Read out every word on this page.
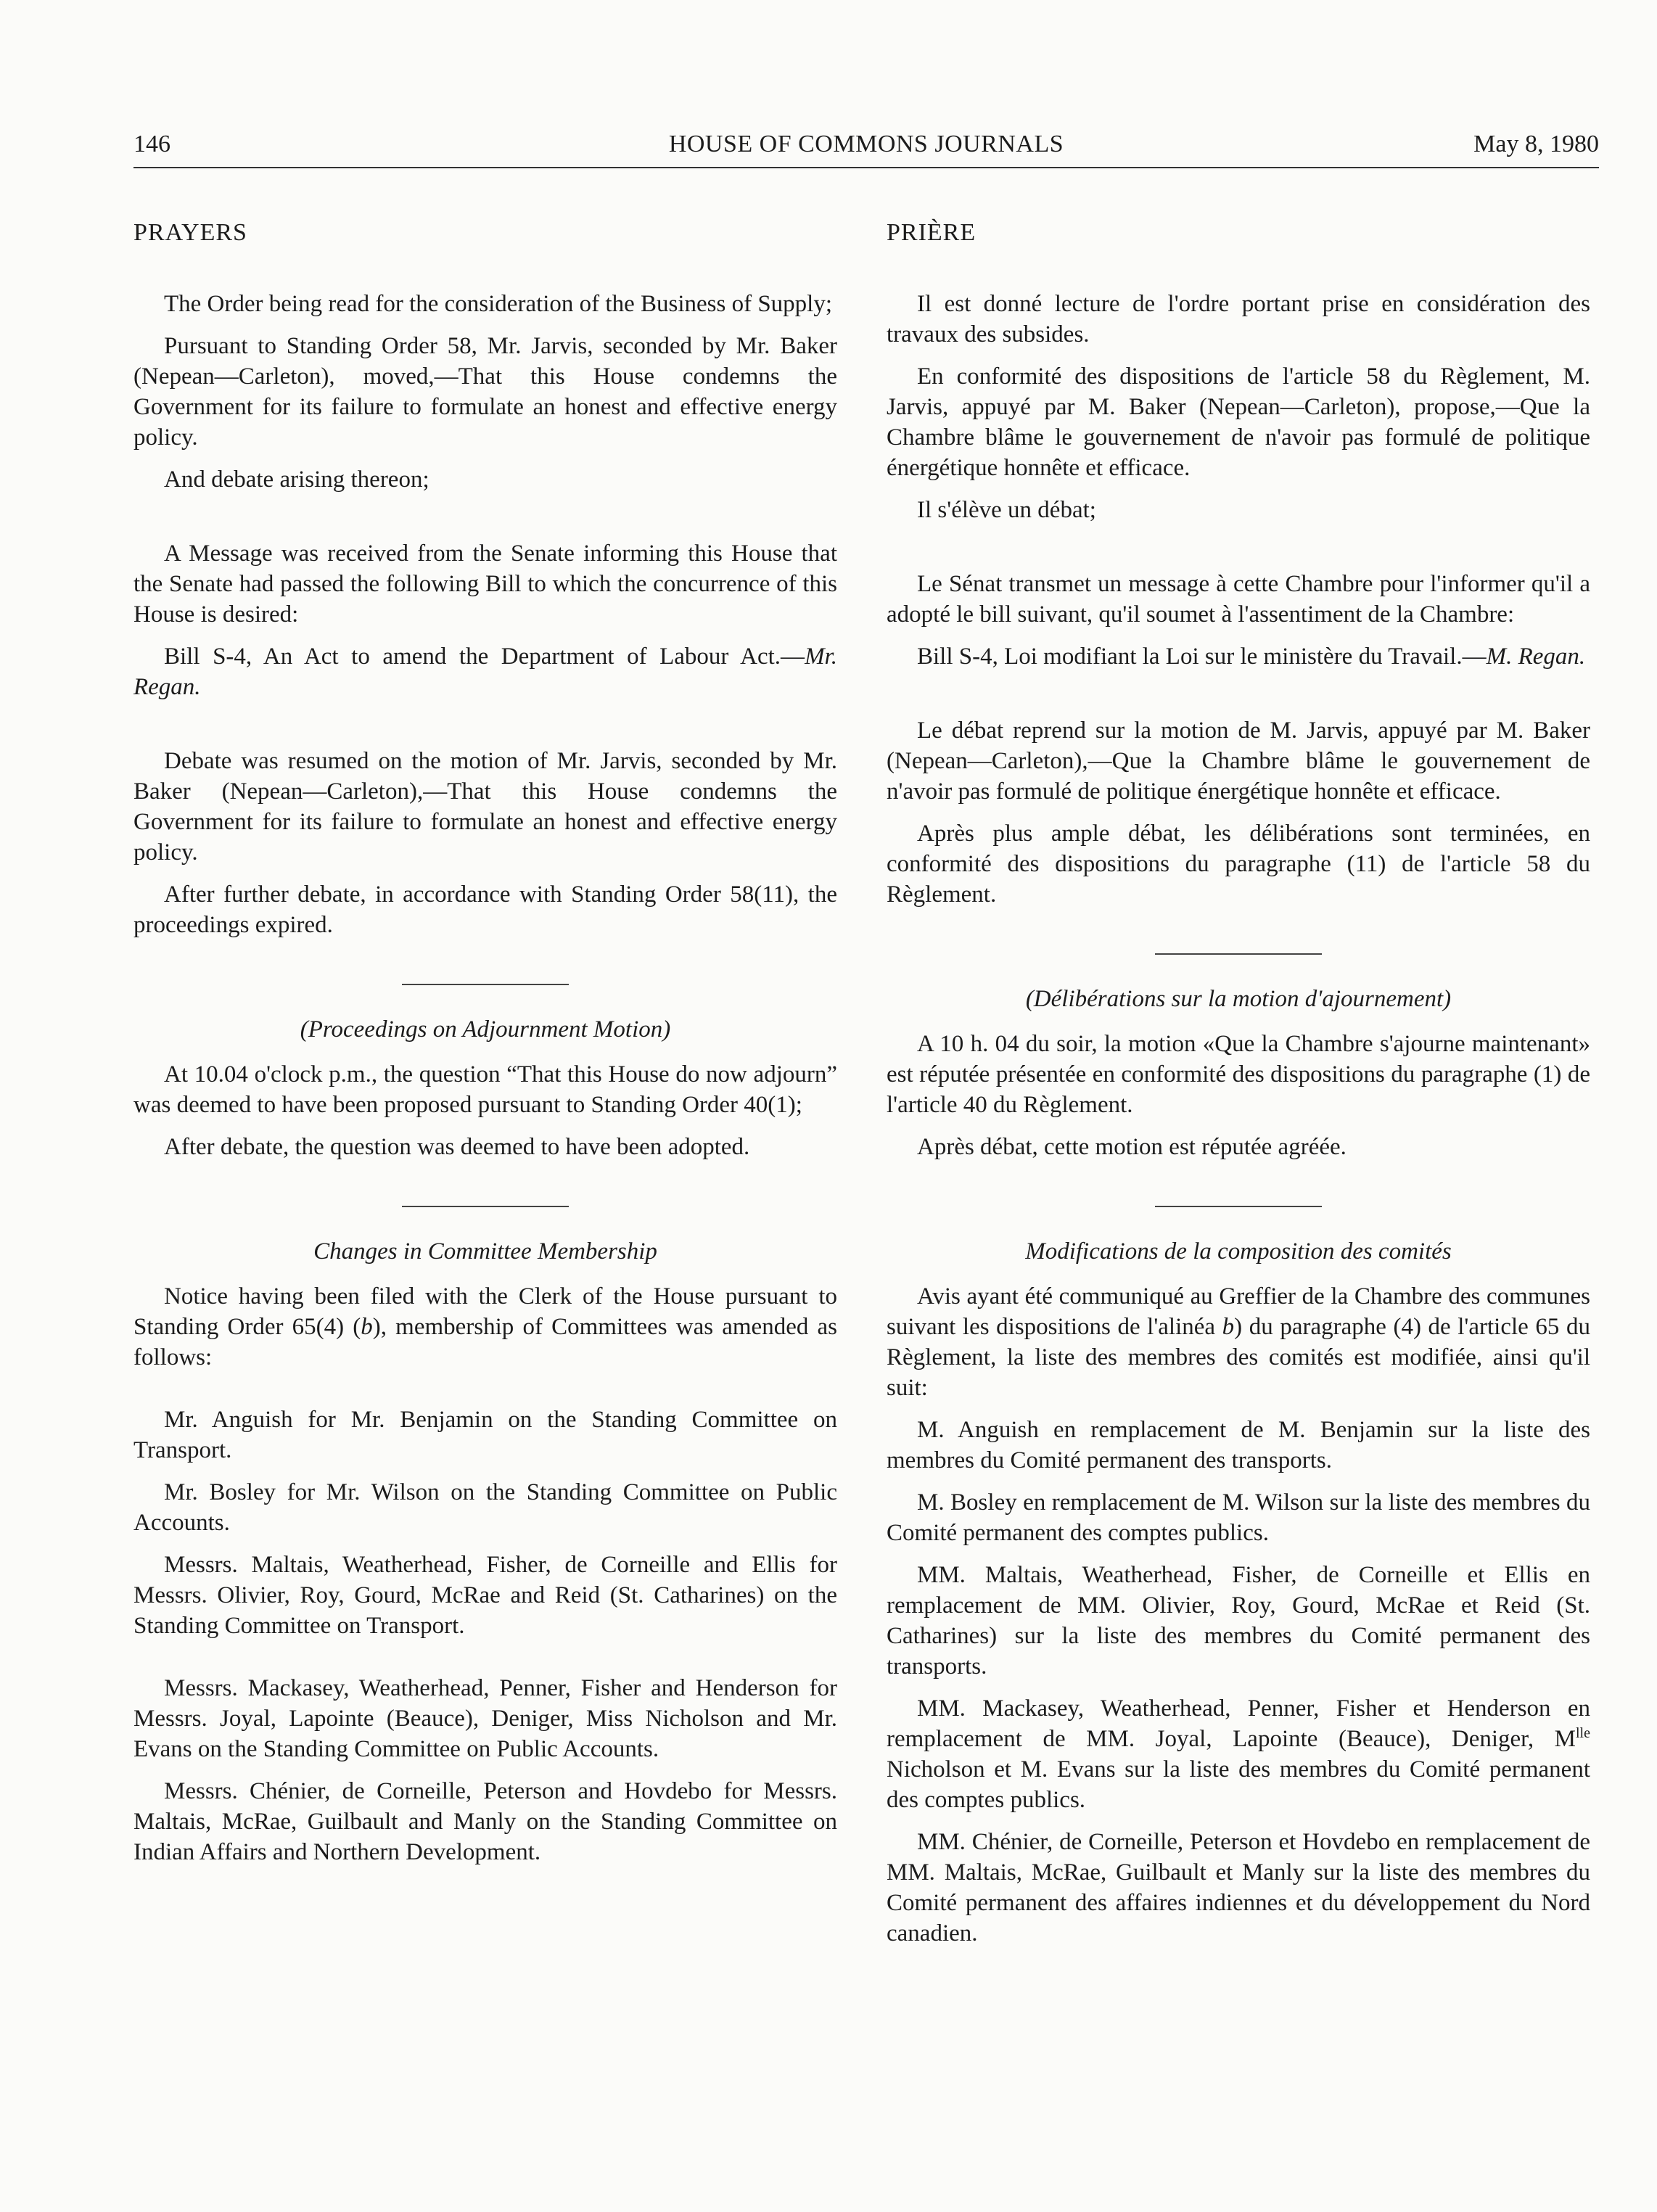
146	HOUSE OF COMMONS JOURNALS	May 8, 1980

PRAYERS

The Order being read for the consideration of the Business of Supply;

Pursuant to Standing Order 58, Mr. Jarvis, seconded by Mr. Baker (Nepean—Carleton), moved,—That this House condemns the Government for its failure to formulate an honest and effective energy policy.

And debate arising thereon;

A Message was received from the Senate informing this House that the Senate had passed the following Bill to which the concurrence of this House is desired:

Bill S-4, An Act to amend the Department of Labour Act.—Mr. Regan.

Debate was resumed on the motion of Mr. Jarvis, seconded by Mr. Baker (Nepean—Carleton),—That this House condemns the Government for its failure to formulate an honest and effective energy policy.

After further debate, in accordance with Standing Order 58(11), the proceedings expired.

(Proceedings on Adjournment Motion)

At 10.04 o'clock p.m., the question “That this House do now adjourn” was deemed to have been proposed pursuant to Standing Order 40(1);

After debate, the question was deemed to have been adopted.

Changes in Committee Membership

Notice having been filed with the Clerk of the House pursuant to Standing Order 65(4) (b), membership of Committees was amended as follows:

Mr. Anguish for Mr. Benjamin on the Standing Committee on Transport.

Mr. Bosley for Mr. Wilson on the Standing Committee on Public Accounts.

Messrs. Maltais, Weatherhead, Fisher, de Corneille and Ellis for Messrs. Olivier, Roy, Gourd, McRae and Reid (St. Catharines) on the Standing Committee on Transport.

Messrs. Mackasey, Weatherhead, Penner, Fisher and Henderson for Messrs. Joyal, Lapointe (Beauce), Deniger, Miss Nicholson and Mr. Evans on the Standing Committee on Public Accounts.

Messrs. Chénier, de Corneille, Peterson and Hovdebo for Messrs. Maltais, McRae, Guilbault and Manly on the Standing Committee on Indian Affairs and Northern Development.

PRIÈRE

Il est donné lecture de l'ordre portant prise en considération des travaux des subsides.

En conformité des dispositions de l'article 58 du Règlement, M. Jarvis, appuyé par M. Baker (Nepean—Carleton), propose,—Que la Chambre blâme le gouvernement de n'avoir pas formulé de politique énergétique honnête et efficace.

Il s'élève un débat;

Le Sénat transmet un message à cette Chambre pour l'informer qu'il a adopté le bill suivant, qu'il soumet à l'assentiment de la Chambre:

Bill S-4, Loi modifiant la Loi sur le ministère du Travail.—M. Regan.

Le débat reprend sur la motion de M. Jarvis, appuyé par M. Baker (Nepean—Carleton),—Que la Chambre blâme le gouvernement de n'avoir pas formulé de politique énergétique honnête et efficace.

Après plus ample débat, les délibérations sont terminées, en conformité des dispositions du paragraphe (11) de l'article 58 du Règlement.

(Délibérations sur la motion d'ajournement)

A 10 h. 04 du soir, la motion «Que la Chambre s'ajourne maintenant» est réputée présentée en conformité des dispositions du paragraphe (1) de l'article 40 du Règlement.

Après débat, cette motion est réputée agréée.

Modifications de la composition des comités

Avis ayant été communiqué au Greffier de la Chambre des communes suivant les dispositions de l'alinéa b) du paragraphe (4) de l'article 65 du Règlement, la liste des membres des comités est modifiée, ainsi qu'il suit:

M. Anguish en remplacement de M. Benjamin sur la liste des membres du Comité permanent des transports.

M. Bosley en remplacement de M. Wilson sur la liste des membres du Comité permanent des comptes publics.

MM. Maltais, Weatherhead, Fisher, de Corneille et Ellis en remplacement de MM. Olivier, Roy, Gourd, McRae et Reid (St. Catharines) sur la liste des membres du Comité permanent des transports.

MM. Mackasey, Weatherhead, Penner, Fisher et Henderson en remplacement de MM. Joyal, Lapointe (Beauce), Deniger, $M^{lle}$ Nicholson et M. Evans sur la liste des membres du Comité permanent des comptes publics.

MM. Chénier, de Corneille, Peterson et Hovdebo en remplacement de MM. Maltais, McRae, Guilbault et Manly sur la liste des membres du Comité permanent des affaires indiennes et du développement du Nord canadien.
